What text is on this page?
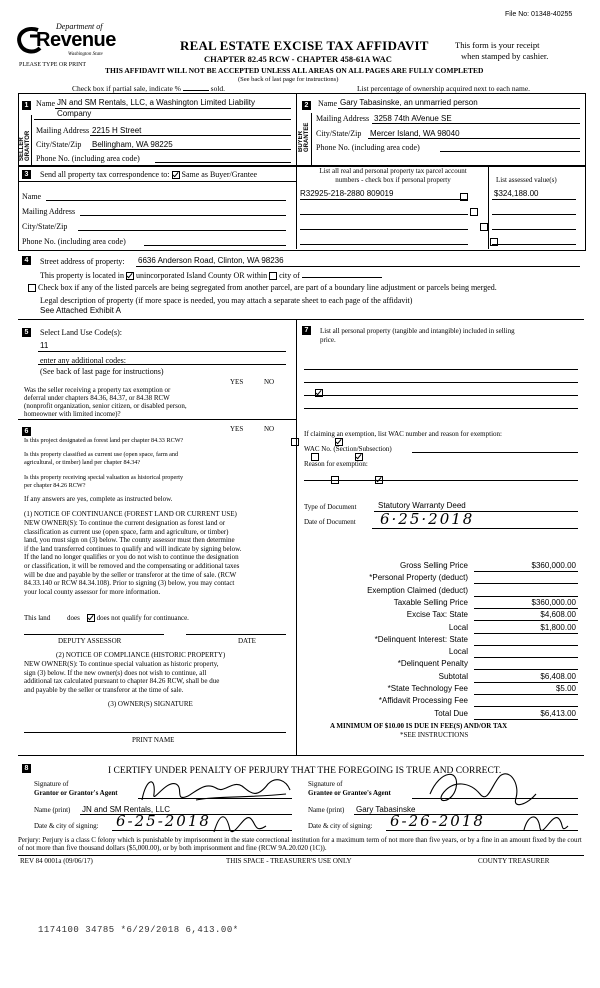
File No: 01348-40255
Department of
Revenue
Washington State
PLEASE TYPE OR PRINT
REAL ESTATE EXCISE TAX AFFIDAVIT
CHAPTER 82.45 RCW - CHAPTER 458-61A WAC
This form is your receipt
when stamped by cashier.
THIS AFFIDAVIT WILL NOT BE ACCEPTED UNLESS ALL AREAS ON ALL PAGES ARE FULLY COMPLETED
(See back of last page for instructions)
Check box if partial sale, indicate %	sold.	List percentage of ownership acquired next to each name.
1
SELLER GRANTOR
Name JN and SM Rentals, LLC, a Washington Limited Liability
Company
Mailing Address 2215 H Street
City/State/Zip Bellingham, WA 98225
Phone No. (including area code)
2
BUYER GRANTEE
Name Gary Tabasinske, an unmarried person
Mailing Address 3258 74th AVenue SE
City/State/Zip Mercer Island, WA 98040
Phone No. (including area code)
3	Send all property tax correspondence to: Same as Buyer/Grantee
Name
Mailing Address
City/State/Zip
Phone No. (including area code)
List all real and personal property tax parcel account
numbers - check box if personal property	List assessed value(s)
R32925-218-2880 809019	$324,188.00

4	Street address of property: 6636 Anderson Road, Clinton, WA 98236
This property is located in unincorporated Island County OR within city of
Check box if any of the listed parcels are being segregated from another parcel, are part of a boundary line adjustment or parcels being merged.
Legal description of property (if more space is needed, you may attach a separate sheet to each page of the affidavit)
See Attached Exhibit A
5	Select Land Use Code(s):
11
enter any additional codes:
(See back of last page for instructions)
YES	NO
Was the seller receiving a property tax exemption or
deferral under chapters 84.36, 84.37, or 84.38 RCW
(nonprofit organization, senior citizen, or disabled person,
homeowner with limited income)?

6	YES	NO
Is this project designated as forest land per chapter 84.33 RCW?

Is this property classified as current use (open space, farm and
agricultural, or timber) land per chapter 84.34?

Is this property receiving special valuation as historical property
per chapter 84.26 RCW?

If any answers are yes, complete as instructed below.
(1) NOTICE OF CONTINUANCE (FOREST LAND OR CURRENT USE)
NEW OWNER(S): To continue the current designation as forest land or
classification as current use (open space, farm and agriculture, or timber)
land, you must sign on (3) below. The county assessor must then determine
if the land transferred continues to qualify and will indicate by signing below.
If the land no longer qualifies or you do not wish to continue the designation
or classification, it will be removed and the compensating or additional taxes
will be due and payable by the seller or transferor at the time of sale. (RCW
84.33.140 or RCW 84.34.108). Prior to signing (3) below, you may contact
your local county assessor for more information.
This land does does not qualify for continuance.
DEPUTY ASSESSOR	DATE
(2) NOTICE OF COMPLIANCE (HISTORIC PROPERTY)
NEW OWNER(S): To continue special valuation as historic property,
sign (3) below. If the new owner(s) does not wish to continue, all
additional tax calculated pursuant to chapter 84.26 RCW, shall be due
and payable by the seller or transferor at the time of sale.
(3) OWNER(S) SIGNATURE
PRINT NAME
7	List all personal property (tangible and intangible) included in selling
price.
If claiming an exemption, list WAC number and reason for exemption:
WAC No. (Section/Subsection)
Reason for exemption:
Type of Document	Statutory Warranty Deed
Date of Document 6·25·2018
Gross Selling Price	$360,000.00
*Personal Property (deduct)
Exemption Claimed (deduct)
Taxable Selling Price	$360,000.00
Excise Tax: State	$4,608.00
Local	$1,800.00
*Delinquent Interest: State
Local
*Delinquent Penalty
Subtotal	$6,408.00
*State Technology Fee	$5.00
*Affidavit Processing Fee
Total Due	$6,413.00
A MINIMUM OF $10.00 IS DUE IN FEE(S) AND/OR TAX
*SEE INSTRUCTIONS
8	I CERTIFY UNDER PENALTY OF PERJURY THAT THE FOREGOING IS TRUE AND CORRECT.
Signature of
Grantor or Grantor's Agent
Name (print) JN and SM Rentals, LLC
Date & city of signing: 6-25-2018
Signature of
Grantee or Grantee's Agent
Name (print) Gary Tabasinske
Date & city of signing: 6-26-2018
Perjury: Perjury is a class C felony which is punishable by imprisonment in the state correctional institution for a maximum term of not more than five years, or by a fine in an amount fixed by the court of not more than five thousand dollars ($5,000.00), or by both imprisonment and fine (RCW 9A.20.020 (1C)).
REV 84 0001a (09/06/17)	THIS SPACE - TREASURER'S USE ONLY	COUNTY TREASURER
1174100 34785 *6/29/2018 6,413.00*
